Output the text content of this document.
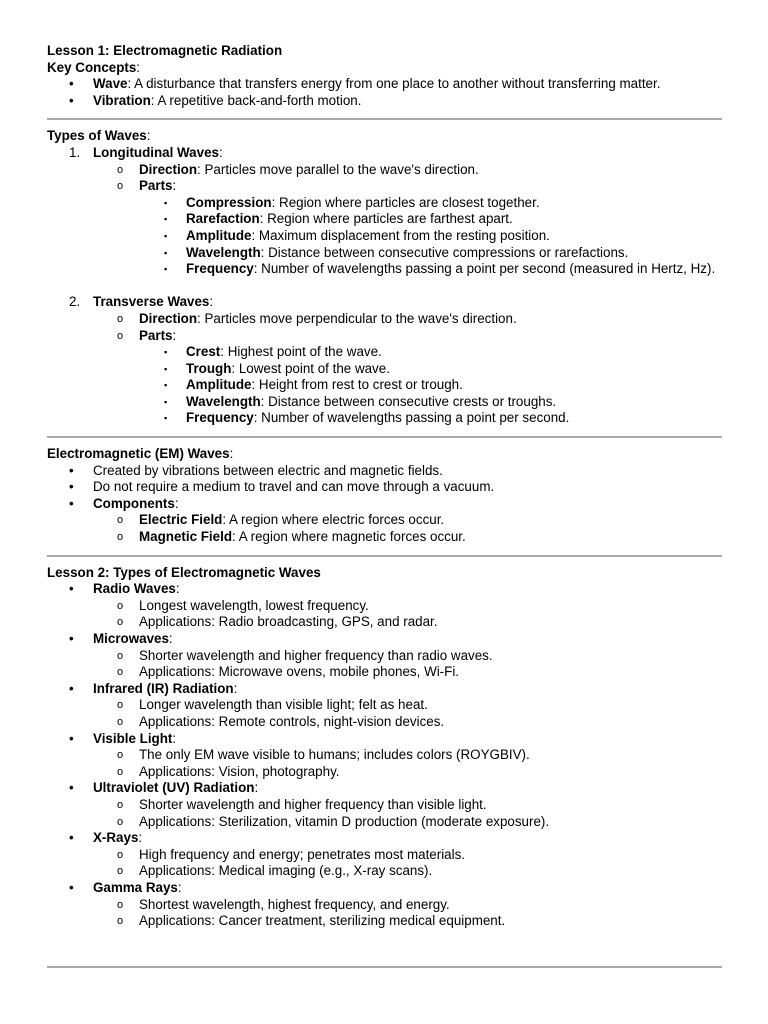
Lesson 1: Electromagnetic Radiation
Key Concepts:
• Wave: A disturbance that transfers energy from one place to another without transferring matter.
• Vibration: A repetitive back-and-forth motion.
Types of Waves:
1. Longitudinal Waves:
o Direction: Particles move parallel to the wave's direction.
o Parts:
▪ Compression: Region where particles are closest together.
▪ Rarefaction: Region where particles are farthest apart.
▪ Amplitude: Maximum displacement from the resting position.
▪ Wavelength: Distance between consecutive compressions or rarefactions.
▪ Frequency: Number of wavelengths passing a point per second (measured in Hertz, Hz).
2. Transverse Waves:
o Direction: Particles move perpendicular to the wave's direction.
o Parts:
▪ Crest: Highest point of the wave.
▪ Trough: Lowest point of the wave.
▪ Amplitude: Height from rest to crest or trough.
▪ Wavelength: Distance between consecutive crests or troughs.
▪ Frequency: Number of wavelengths passing a point per second.
Electromagnetic (EM) Waves:
• Created by vibrations between electric and magnetic fields.
• Do not require a medium to travel and can move through a vacuum.
• Components:
o Electric Field: A region where electric forces occur.
o Magnetic Field: A region where magnetic forces occur.
Lesson 2: Types of Electromagnetic Waves
• Radio Waves:
o Longest wavelength, lowest frequency.
o Applications: Radio broadcasting, GPS, and radar.
• Microwaves:
o Shorter wavelength and higher frequency than radio waves.
o Applications: Microwave ovens, mobile phones, Wi-Fi.
• Infrared (IR) Radiation:
o Longer wavelength than visible light; felt as heat.
o Applications: Remote controls, night-vision devices.
• Visible Light:
o The only EM wave visible to humans; includes colors (ROYGBIV).
o Applications: Vision, photography.
• Ultraviolet (UV) Radiation:
o Shorter wavelength and higher frequency than visible light.
o Applications: Sterilization, vitamin D production (moderate exposure).
• X-Rays:
o High frequency and energy; penetrates most materials.
o Applications: Medical imaging (e.g., X-ray scans).
• Gamma Rays:
o Shortest wavelength, highest frequency, and energy.
o Applications: Cancer treatment, sterilizing medical equipment.
